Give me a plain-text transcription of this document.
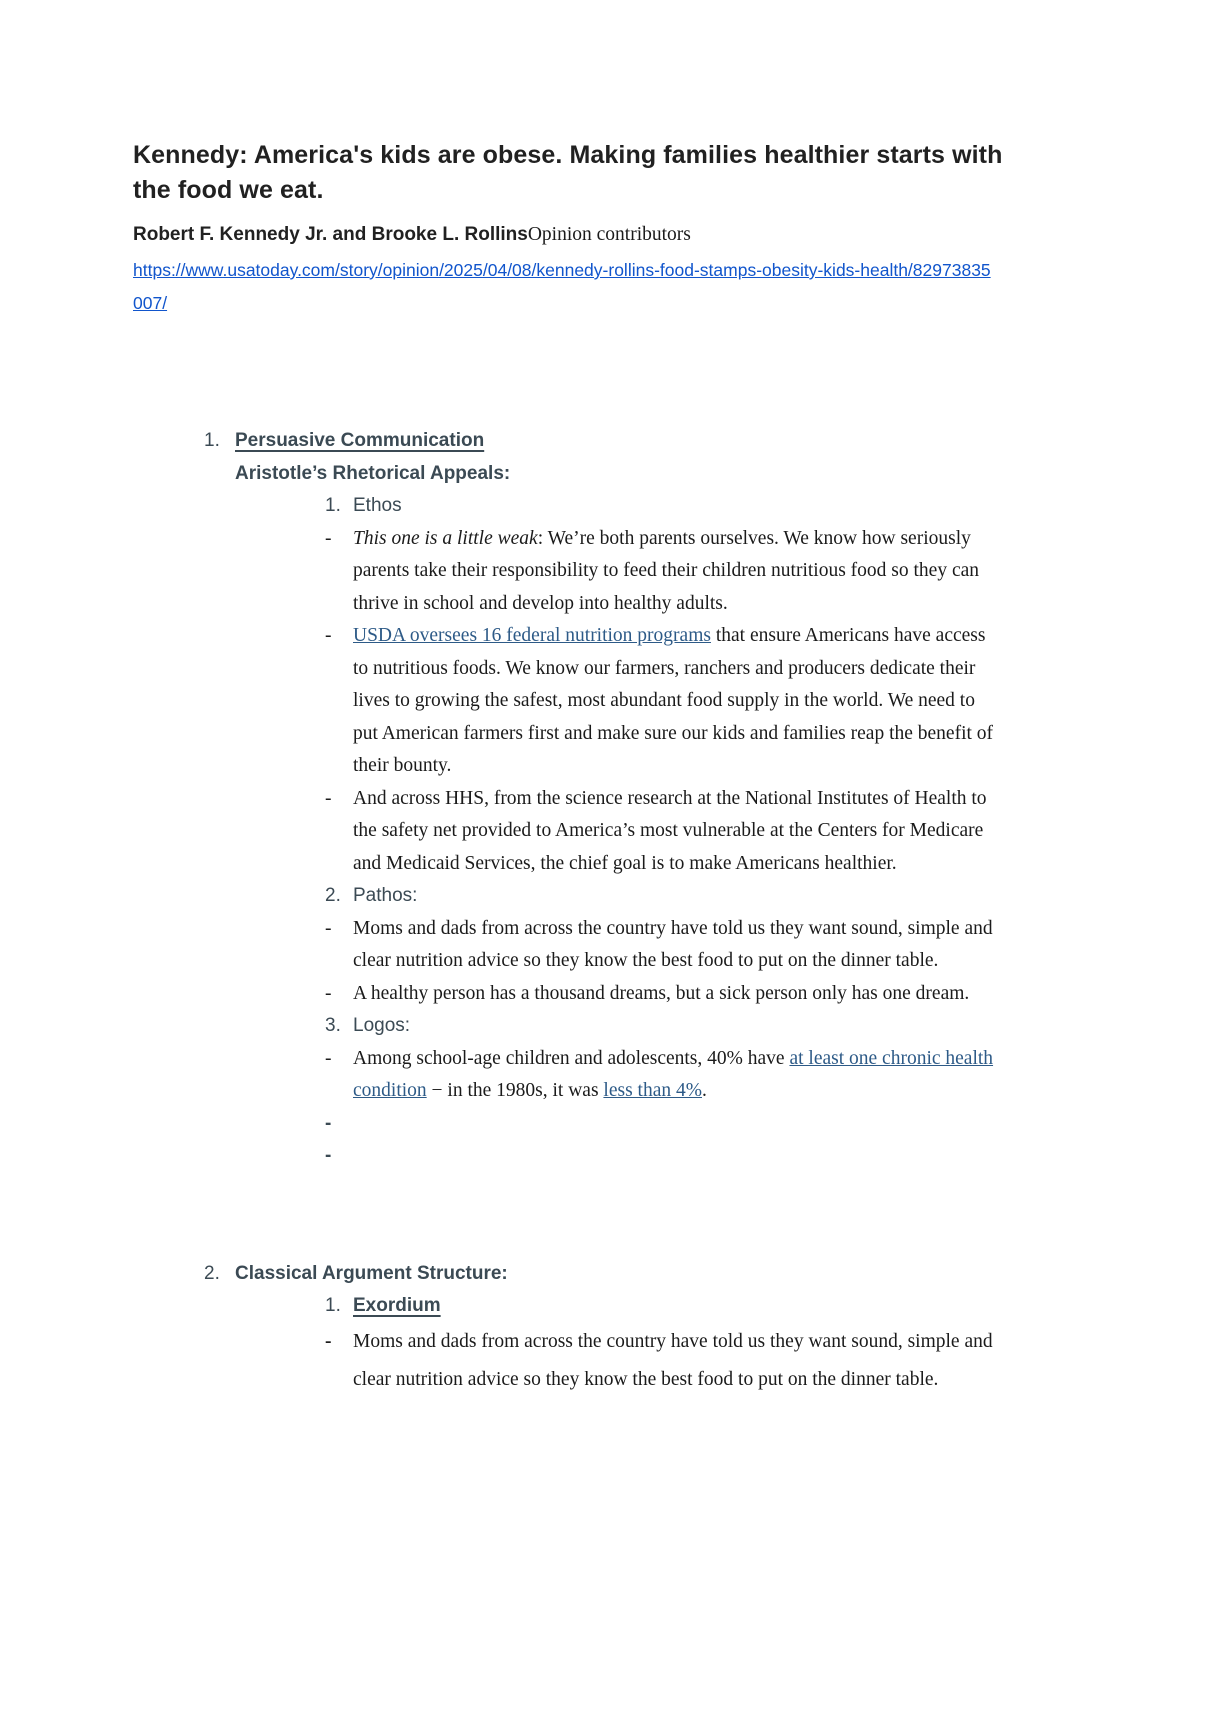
Kennedy: America's kids are obese. Making families healthier starts with the food we eat.

Robert F. Kennedy Jr. and Brooke L. RollinsOpinion contributors

https://www.usatoday.com/story/opinion/2025/04/08/kennedy-rollins-food-stamps-obesity-kids-health/82973835007/
1. Persuasive Communication
Aristotle’s Rhetorical Appeals:
1. Ethos
-	This one is a little weak: We’re both parents ourselves. We know how seriously parents take their responsibility to feed their children nutritious food so they can thrive in school and develop into healthy adults.
-	USDA oversees 16 federal nutrition programs that ensure Americans have access to nutritious foods. We know our farmers, ranchers and producers dedicate their lives to growing the safest, most abundant food supply in the world. We need to put American farmers first and make sure our kids and families reap the benefit of their bounty.
-	And across HHS, from the science research at the National Institutes of Health to the safety net provided to America’s most vulnerable at the Centers for Medicare and Medicaid Services, the chief goal is to make Americans healthier.
2. Pathos:
-	Moms and dads from across the country have told us they want sound, simple and clear nutrition advice so they know the best food to put on the dinner table.
-	A healthy person has a thousand dreams, but a sick person only has one dream.
3. Logos:
-	Among school-age children and adolescents, 40% have at least one chronic health condition − in the 1980s, it was less than 4%.
-
-
2. Classical Argument Structure:
1. Exordium
-	Moms and dads from across the country have told us they want sound, simple and clear nutrition advice so they know the best food to put on the dinner table.
